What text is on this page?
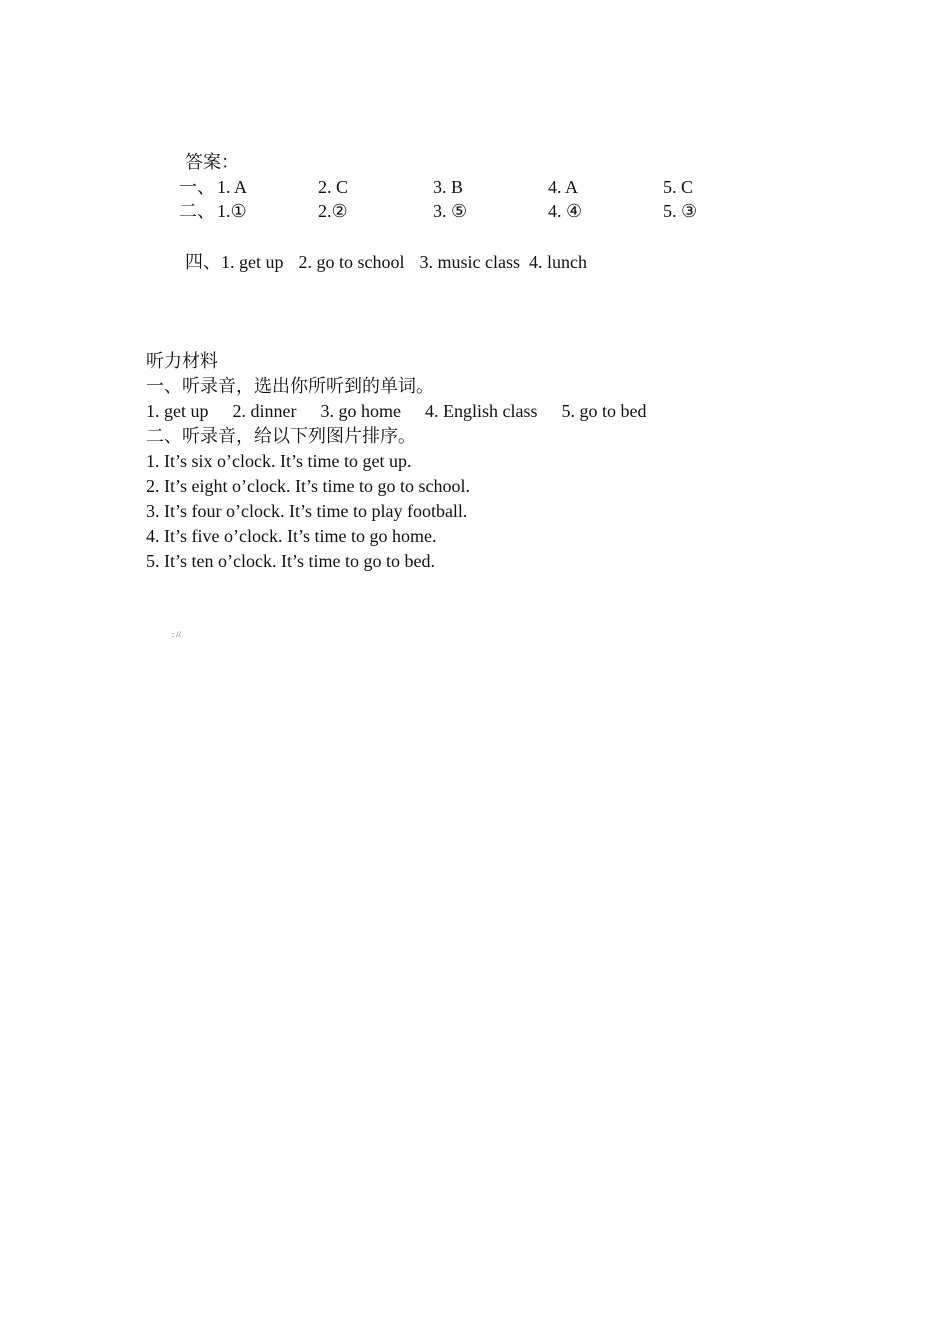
答案：
一、 1. A	2. C	3. B	4. A	5. C
二、 1.①	2.②	3. ⑤	4. ④	5. ③
四、1. get up 2. go to school 3. music class 4. lunch
听力材料
一、听录音，选出你所听到的单词。
1. get up 2. dinner 3. go home 4. English class 5. go to bed
二、听录音，给以下列图片排序。
1. It’s six o’clock. It’s time to get up.
2. It’s eight o’clock. It’s time to go to school.
3. It’s four o’clock. It’s time to play football.
4. It’s five o’clock. It’s time to go home.
5. It’s ten o’clock. It’s time to go to bed.
: //
